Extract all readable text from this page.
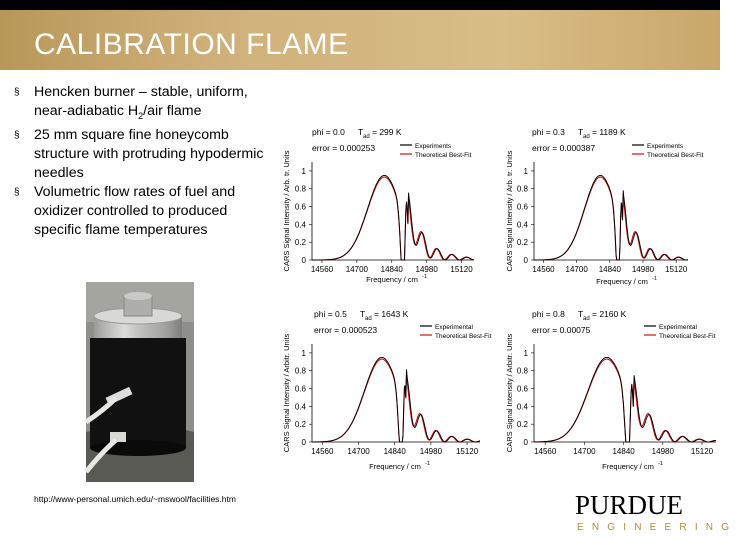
CALIBRATION FLAME
§ Hencken burner – stable, uniform, near-adiabatic $H_2$/air flame
§ 25 mm square fine honeycomb structure with protruding hypodermic needles
§ Volumetric flow rates of fuel and oxidizer controlled to produced specific flame temperatures
http://www-personal.umich.edu/~mswool/facilities.htm	PURDUE
ENGINEERING
phi = 0.0 T ad = 299 K
error = 0.000253	Experiments
Theoretical Best-Fit
0
0.2
0.4
0.6
0.8
1
14560 14700 14840 14980 15120
Frequency / cm -1
CARS Signal Intensity / Arb. tr. Units
phi = 0.3 T ad = 1189 K
error = 0.000387	Experiments
Theoretical Best-Fit
0
0.2
0.4
0.6
0.8
1
14560 14700 14840 14980 15120
Frequency / cm -1
CARS Signal Intensity / Arb. tr. Units
phi = 0.5 T ad = 1643 K
error = 0.000523	Experimental
Theoretical Best-Fit
0
0.2
0.4
0.6
0.8
1
14560 14700 14840 14980 15120
Frequency / cm -1
CARS Signal Intensity / Arbitr. Units
phi = 0.8 T ad = 2160 K
error = 0.00075	Experimental
Theoretical Best-Fit
0
0.2
0.4
0.6
0.8
1
14560 14700 14840 14980 15120
Frequency / cm -1
CARS Signal Intensity / Arbitr. Units
